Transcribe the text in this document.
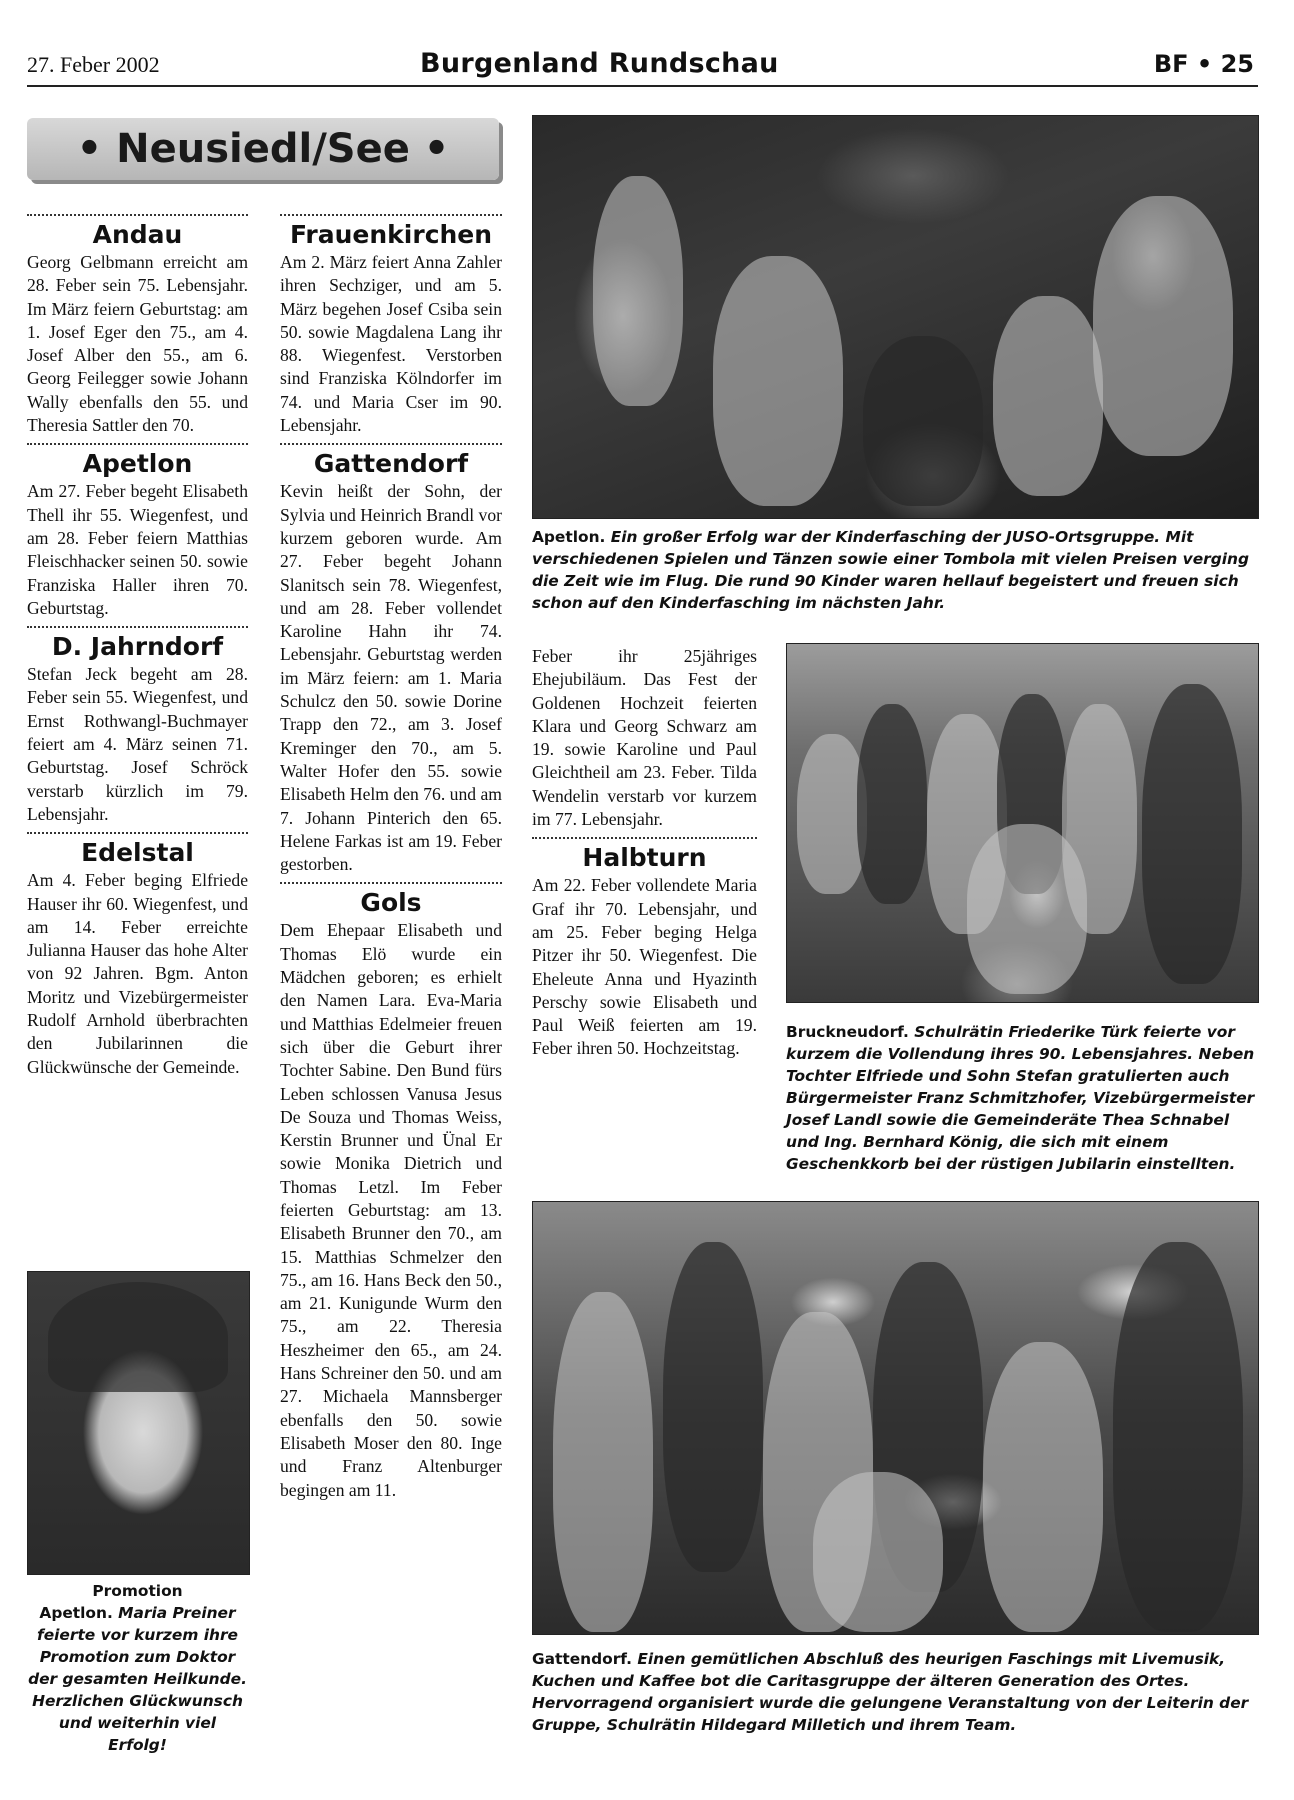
27. Feber 2002	Burgenland Rundschau	BF • 25
• Neusiedl/See •
Andau

Georg Gelbmann erreicht am 28. Feber sein 75. Lebensjahr. Im März feiern Geburtstag: am 1. Josef Eger den 75., am 4. Josef Alber den 55., am 6. Georg Feilegger sowie Johann Wally ebenfalls den 55. und Theresia Sattler den 70.

Apetlon

Am 27. Feber begeht Elisabeth Thell ihr 55. Wiegenfest, und am 28. Feber feiern Matthias Fleischhacker seinen 50. sowie Franziska Haller ihren 70. Geburtstag.

D. Jahrndorf

Stefan Jeck begeht am 28. Feber sein 55. Wiegenfest, und Ernst Rothwangl-Buchmayer feiert am 4. März seinen 71. Geburtstag. Josef Schröck verstarb kürzlich im 79. Lebensjahr.

Edelstal

Am 4. Feber beging Elfriede Hauser ihr 60. Wiegenfest, und am 14. Feber erreichte Julianna Hauser das hohe Alter von 92 Jahren. Bgm. Anton Moritz und Vizebürgermeister Rudolf Arnhold überbrachten den Jubilarinnen die Glückwünsche der Gemeinde.

Frauenkirchen

Am 2. März feiert Anna Zahler ihren Sechziger, und am 5. März begehen Josef Csiba sein 50. sowie Magdalena Lang ihr 88. Wiegenfest. Verstorben sind Franziska Kölndorfer im 74. und Maria Cser im 90. Lebensjahr.

Gattendorf

Kevin heißt der Sohn, der Sylvia und Heinrich Brandl vor kurzem geboren wurde. Am 27. Feber begeht Johann Slanitsch sein 78. Wiegenfest, und am 28. Feber vollendet Karoline Hahn ihr 74. Lebensjahr. Geburtstag werden im März feiern: am 1. Maria Schulcz den 50. sowie Dorine Trapp den 72., am 3. Josef Kreminger den 70., am 5. Walter Hofer den 55. sowie Elisabeth Helm den 76. und am 7. Johann Pinterich den 65. Helene Farkas ist am 19. Feber gestorben.

Gols

Dem Ehepaar Elisabeth und Thomas Elö wurde ein Mädchen geboren; es erhielt den Namen Lara. Eva-Maria und Matthias Edelmeier freuen sich über die Geburt ihrer Tochter Sabine. Den Bund fürs Leben schlossen Vanusa Jesus De Souza und Thomas Weiss, Kerstin Brunner und Ünal Er sowie Monika Dietrich und Thomas Letzl. Im Feber feierten Geburtstag: am 13. Elisabeth Brunner den 70., am 15. Matthias Schmelzer den 75., am 16. Hans Beck den 50., am 21. Kunigunde Wurm den 75., am 22. Theresia Heszheimer den 65., am 24. Hans Schreiner den 50. und am 27. Michaela Mannsberger ebenfalls den 50. sowie Elisabeth Moser den 80. Inge und Franz Altenburger begingen am 11.

Feber ihr 25jähriges Ehejubiläum. Das Fest der Goldenen Hochzeit feierten Klara und Georg Schwarz am 19. sowie Karoline und Paul Gleichtheil am 23. Feber. Tilda Wendelin verstarb vor kurzem im 77. Lebensjahr.

Halbturn

Am 22. Feber vollendete Maria Graf ihr 70. Lebensjahr, und am 25. Feber beging Helga Pitzer ihr 50. Wiegenfest. Die Eheleute Anna und Hyazinth Perschy sowie Elisabeth und Paul Weiß feierten am 19. Feber ihren 50. Hochzeitstag.

Apetlon. Ein großer Erfolg war der Kinderfasching der JUSO-Ortsgruppe. Mit verschiedenen Spielen und Tänzen sowie einer Tombola mit vielen Preisen verging die Zeit wie im Flug. Die rund 90 Kinder waren hellauf begeistert und freuen sich schon auf den Kinderfasching im nächsten Jahr.
Bruckneudorf. Schulrätin Friederike Türk feierte vor kurzem die Vollendung ihres 90. Lebensjahres. Neben Tochter Elfriede und Sohn Stefan gratulierten auch Bürgermeister Franz Schmitzhofer, Vizebürgermeister Josef Landl sowie die Gemeinderäte Thea Schnabel und Ing. Bernhard König, die sich mit einem Geschenkkorb bei der rüstigen Jubilarin einstellten.
Gattendorf. Einen gemütlichen Abschluß des heurigen Faschings mit Livemusik, Kuchen und Kaffee bot die Caritasgruppe der älteren Generation des Ortes. Hervorragend organisiert wurde die gelungene Veranstaltung von der Leiterin der Gruppe, Schulrätin Hildegard Milletich und ihrem Team.
Promotion
Apetlon. Maria Preiner feierte vor kurzem ihre Promotion zum Doktor der gesamten Heilkunde. Herzlichen Glückwunsch und weiterhin viel Erfolg!
